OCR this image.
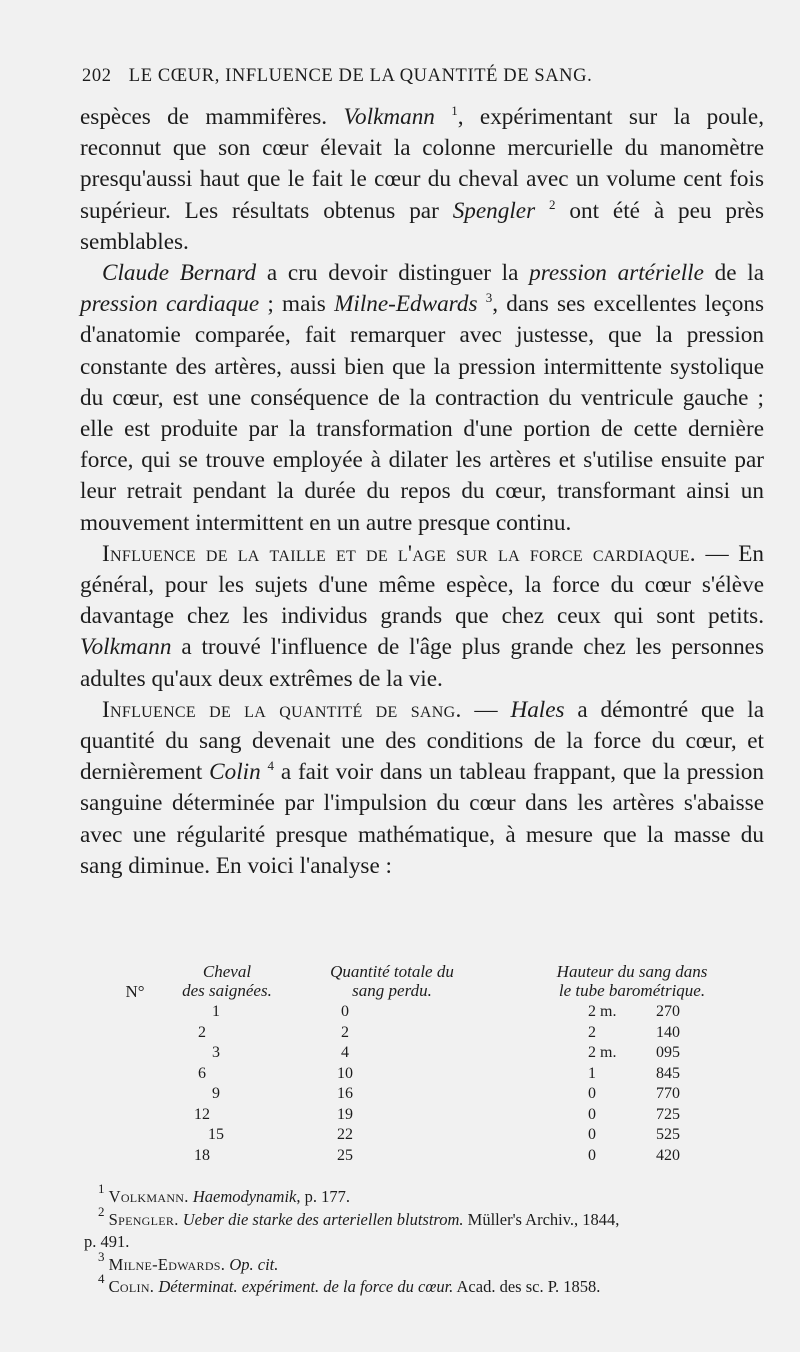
202 LE CŒUR, INFLUENCE DE LA QUANTITÉ DE SANG.

espèces de mammifères. Volkmann $^1$, expérimentant sur la poule, reconnut que son cœur élevait la colonne mercurielle du manomètre presqu'aussi haut que le fait le cœur du cheval avec un volume cent fois supérieur. Les résultats obtenus par Spengler $^2$ ont été à peu près semblables.

Claude Bernard a cru devoir distinguer la pression artérielle de la pression cardiaque ; mais Milne-Edwards $^3$, dans ses excellentes leçons d'anatomie comparée, fait remarquer avec justesse, que la pression constante des artères, aussi bien que la pression intermittente systolique du cœur, est une conséquence de la contraction du ventricule gauche ; elle est produite par la transformation d'une portion de cette dernière force, qui se trouve employée à dilater les artères et s'utilise ensuite par leur retrait pendant la durée du repos du cœur, transformant ainsi un mouvement intermittent en un autre presque continu.

Influence de la taille et de l'age sur la force cardiaque. — En général, pour les sujets d'une même espèce, la force du cœur s'élève davantage chez les individus grands que chez ceux qui sont petits. Volkmann a trouvé l'influence de l'âge plus grande chez les personnes adultes qu'aux deux extrêmes de la vie.

Influence de la quantité de sang. — Hales a démontré que la quantité du sang devenait une des conditions de la force du cœur, et dernièrement Colin $^4$ a fait voir dans un tableau frappant, que la pression sanguine déterminée par l'impulsion du cœur dans les artères s'abaisse avec une régularité presque mathématique, à mesure que la masse du sang diminue. En voici l'analyse :

N°
Cheval
des saignées.
Quantité totale du
sang perdu.
Hauteur du sang dans
le tube barométrique.
1	0	2 m.	270
2	2	2	140
3	4	2 m.	095
6	10	1	845
9	16	0	770
12	19	0	725
15	22	0	525
18	25	0	420

$^1$ Volkmann. Haemodynamik, p. 177.

$^2$ Spengler. Ueber die starke des arteriellen blutstrom. Müller's Archiv., 1844,

p. 491.

$^3$ Milne-Edwards. Op. cit.

$^4$ Colin. Déterminat. expériment. de la force du cœur. Acad. des sc. P. 1858.
